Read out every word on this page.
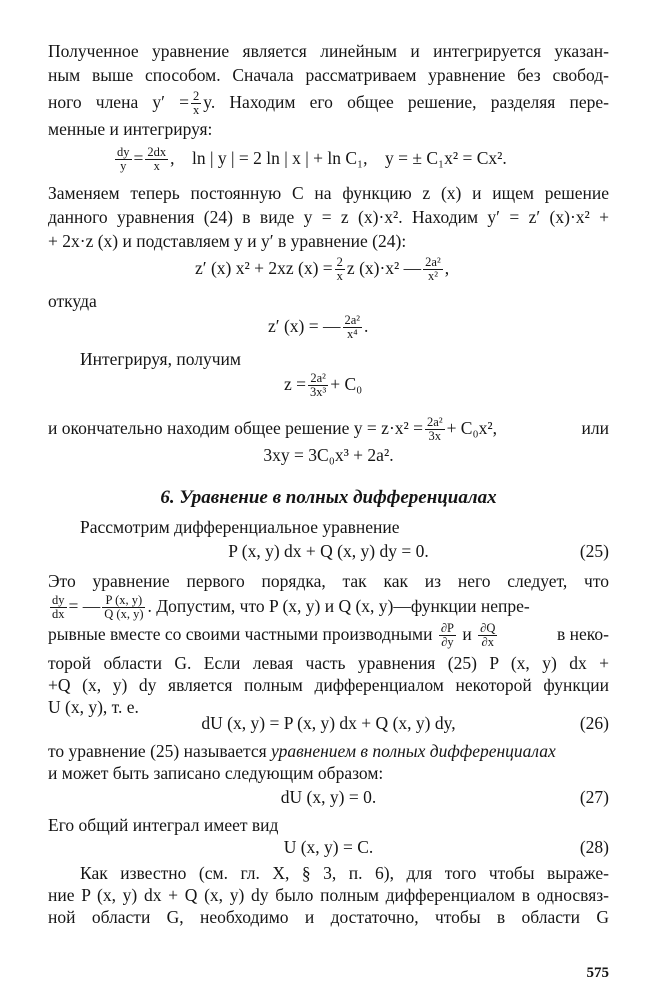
Полученное уравнение является линейным и интегрируется указан-
ным выше способом. Сначала рассматриваем уравнение без свобод-
ного члена $y' = \frac{2}{x} y$. Находим его общее решение, разделяя пере-
менные и интегрируя:
$\frac{dy}{y} = \frac{2dx}{x}$ ,    ln | y | = 2 ln | x | + ln C₁,    y = ± C₁x² = Cx².
Заменяем теперь постоянную C на функцию z (x) и ищем решение
данного уравнения (24) в виде y = z (x)·x². Находим y′ = z′ (x)·x² +
+ 2x·z (x) и подставляем y и y′ в уравнение (24):
z′ (x) x² + 2xz $(x) = \frac{2}{x}$ z (x)·x² — $\frac{\text{2a²}}{\text{x²}}$ ,
откуда
z′ (x) = — $\frac{\text{2a²}}{\text{x⁴}}$ .
Интегрируя, получим
$z = \frac{\text{2a²}}{\text{3x³}} + C_0$
и окончательно находим общее решение $y = z\cdot x^2 = \frac{\text{2a²}}{3x} + C_0x^2$,	или
3xy = 3C₀x³ + 2a².
6. Уравнение в полных дифференциалах
Рассмотрим дифференциальное уравнение
P (x, y) dx + Q (x, y) dy = 0.	(25)
Это уравнение первого порядка, так как из него следует, что
$\frac{dy}{dx}$ = — $\frac{P (x, y)}{Q (x, y)}$ . Допустим, что P (x, y) и Q (x, y)—функции непре-
рывные вместе со своими частными производными $\frac{\partial P}{\partial y}$ и $\frac{\partial Q}{\partial x}$	в неко-
торой области G. Если левая часть уравнения (25) P (x, y) dx +
+Q (x, y) dy является полным дифференциалом некоторой функции
U (x, y), т. е.
dU (x, y) = P (x, y) dx + Q (x, y) dy,	(26)
то уравнение (25) называется уравнением в полных дифференциалах
и может быть записано следующим образом:
dU (x, y) = 0.	(27)
Его общий интеграл имеет вид
U (x, y) = C.	(28)
Как известно (см. гл. X, § 3, п. 6), для того чтобы выраже-
ние P (x, y) dx + Q (x, y) dy было полным дифференциалом в односвяз-
ной области G, необходимо и достаточно, чтобы в области G
575
